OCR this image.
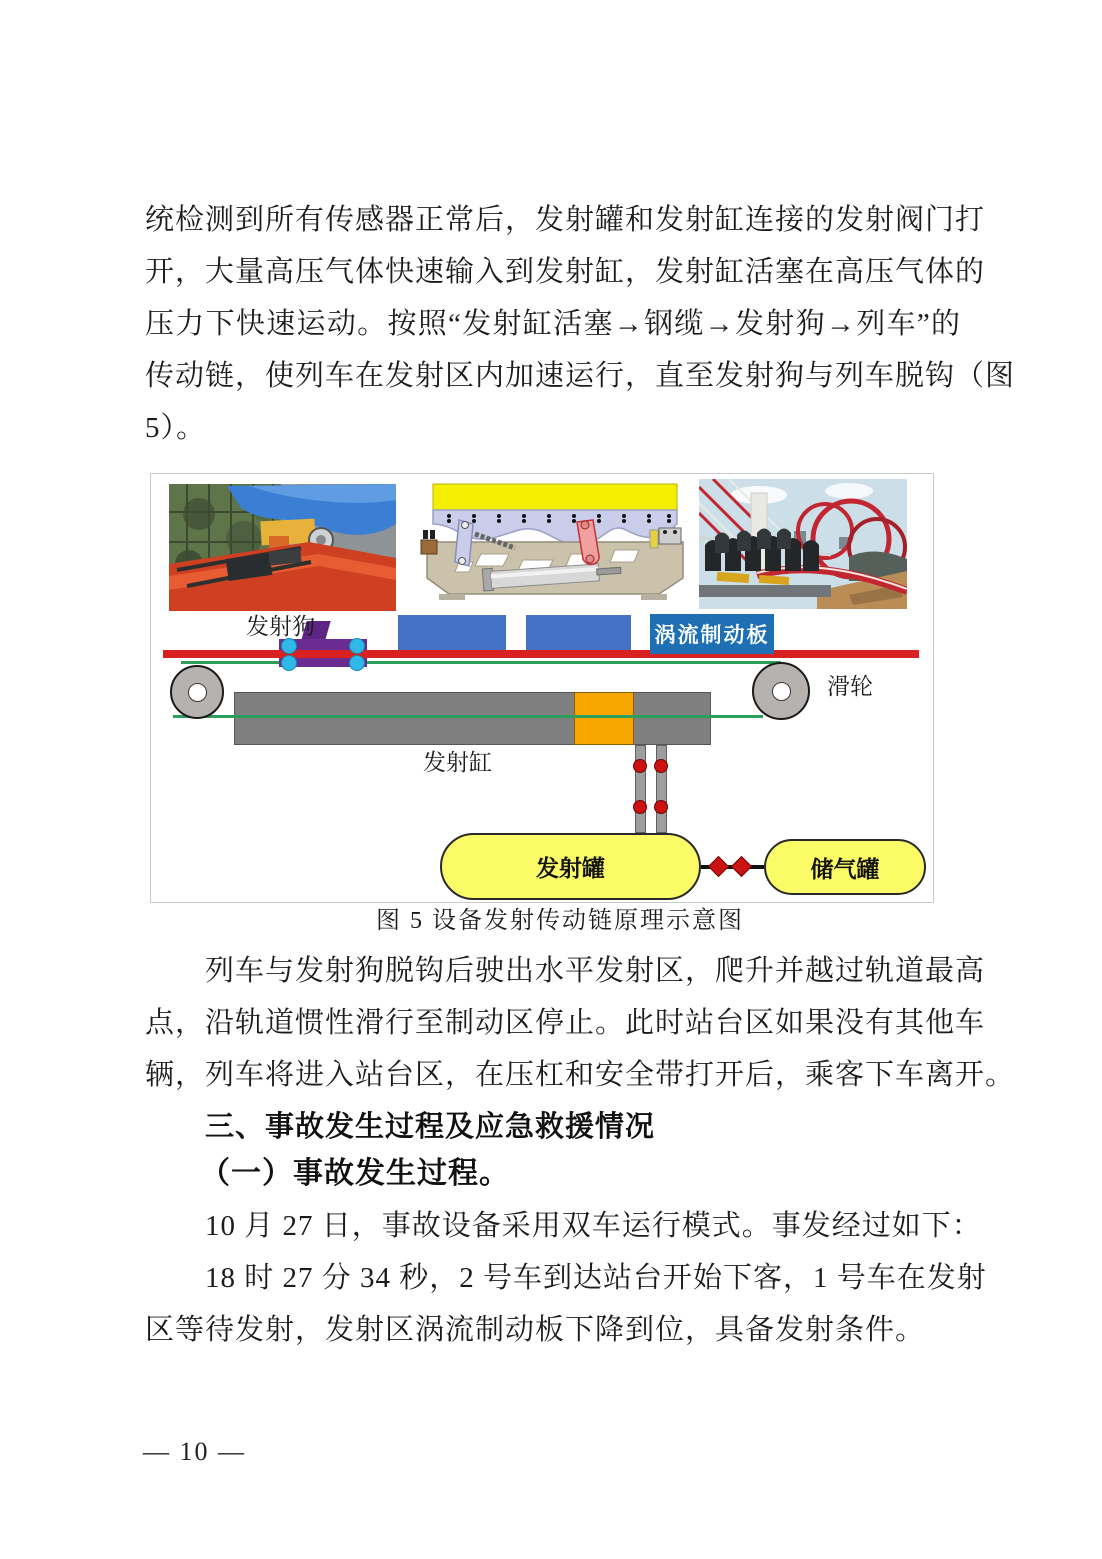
统检测到所有传感器正常后，发射罐和发射缸连接的发射阀门打
开，大量高压气体快速输入到发射缸，发射缸活塞在高压气体的
压力下快速运动。按照“发射缸活塞→钢缆→发射狗→列车”的
传动链，使列车在发射区内加速运行，直至发射狗与列车脱钩（图
5）。
涡流制动板
发射狗
滑轮
发射缸
发射罐	储气罐
图 5 设备发射传动链原理示意图
列车与发射狗脱钩后驶出水平发射区，爬升并越过轨道最高
点，沿轨道惯性滑行至制动区停止。此时站台区如果没有其他车
辆，列车将进入站台区，在压杠和安全带打开后，乘客下车离开。
三、事故发生过程及应急救援情况
（一）事故发生过程。
10 月 27 日，事故设备采用双车运行模式。事发经过如下：
18 时 27 分 34 秒，2 号车到达站台开始下客，1 号车在发射
区等待发射，发射区涡流制动板下降到位，具备发射条件。
— 10 —
